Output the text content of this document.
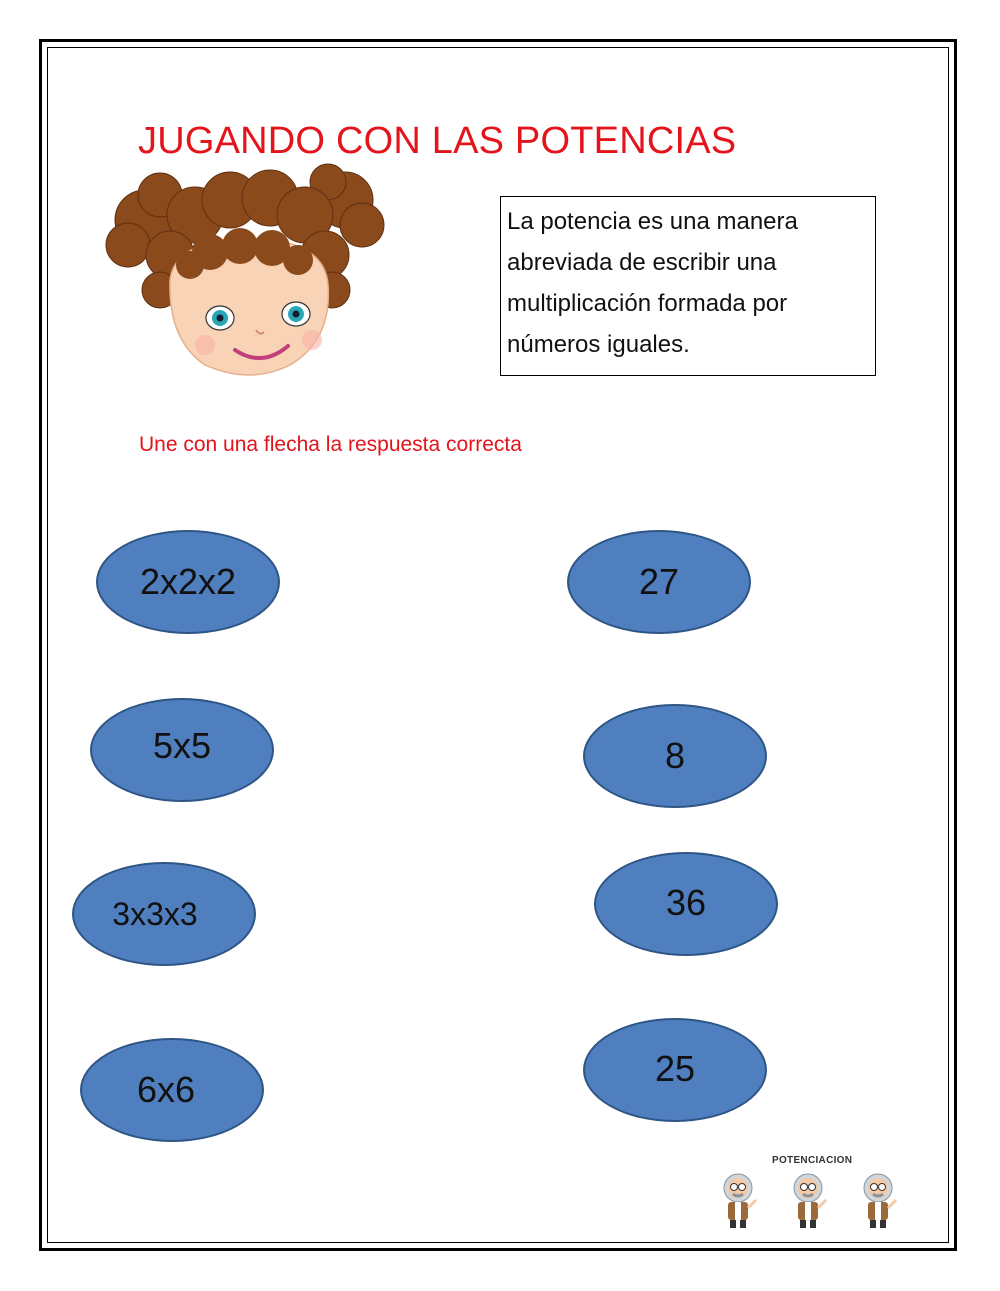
JUGANDO CON LAS POTENCIAS
La potencia es una manera abreviada de escribir una multiplicación formada por números iguales.
Une con una flecha la respuesta correcta
2x2x2
5x5
3x3x3
6x6
27
8
36
25
POTENCIACION
